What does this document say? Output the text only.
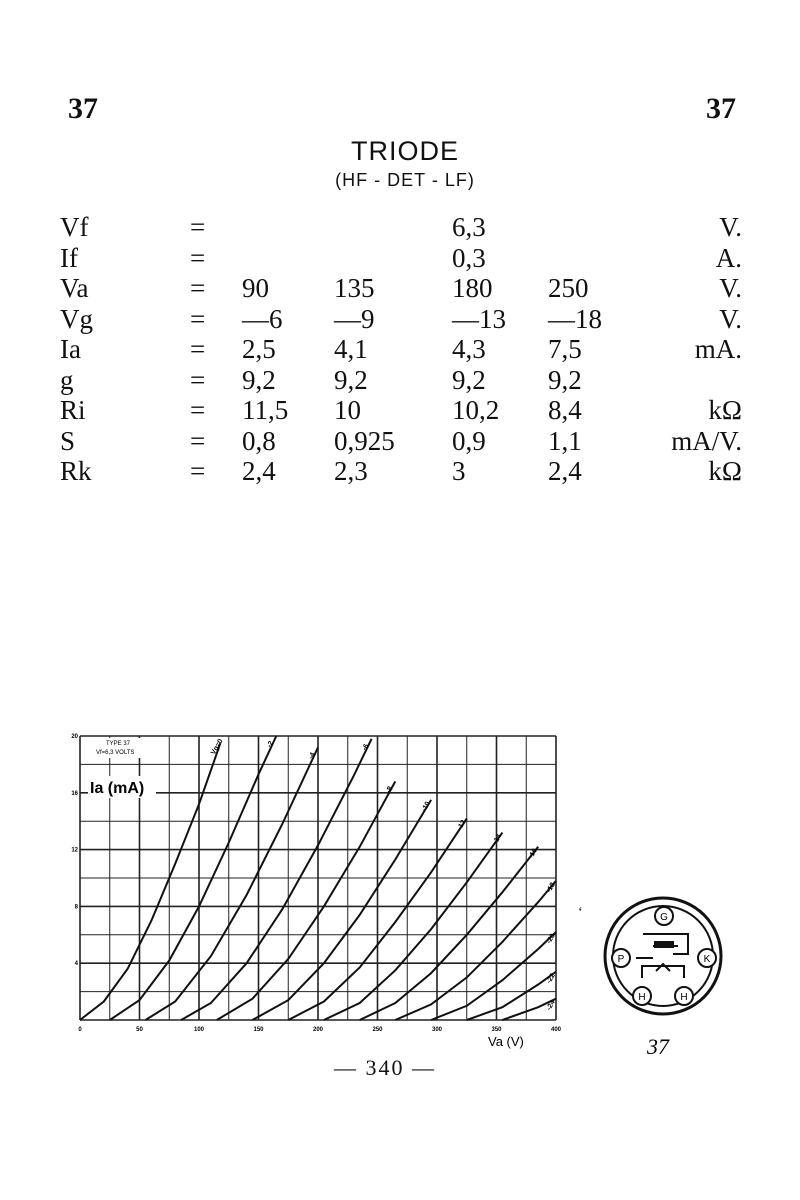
37	37
TRIODE
(HF - DET - LF)
Vf	=			6,3		V.
If	=			0,3		A.
Va	=	90	135	180	250	V.
Vg	=	—6	—9	—13	—18	V.
Ia	=	2,5	4,1	4,3	7,5	mA.
g	=	9,2	9,2	9,2	9,2	
Ri	=	11,5	10	10,2	8,4	kΩ
S	=	0,8	0,925	0,9	1,1	mA/V.
Rk	=	2,4	2,3	3	2,4	kΩ
0	50	100	150	200	250	300	350	400
4
8
12
16
20
Vg=0	-2
-4
-6
-8
-10
-12
-14
-16
-18
-20
-22
-24
TYPE 37
Vf=6,3 VOLTS
Ia (mA)
Va (V)
G
P	K
H	H
37
‘
— 340 —
